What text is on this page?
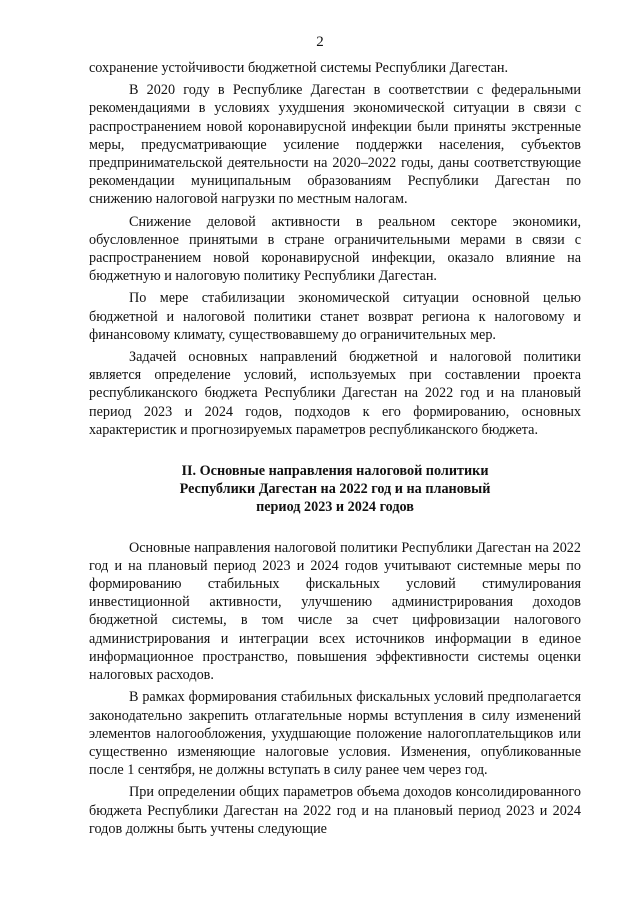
2

сохранение устойчивости бюджетной системы Республики Дагестан.

В 2020 году в Республике Дагестан в соответствии с федеральными рекомендациями в условиях ухудшения экономической ситуации в связи с распространением новой коронавирусной инфекции были приняты экстренные меры, предусматривающие усиление поддержки населения, субъектов предпринимательской деятельности на 2020–2022 годы, даны соответствующие рекомендации муниципальным образованиям Республики Дагестан по снижению налоговой нагрузки по местным налогам.

Снижение деловой активности в реальном секторе экономики, обусловленное принятыми в стране ограничительными мерами в связи с распространением новой коронавирусной инфекции, оказало влияние на бюджетную и налоговую политику Республики Дагестан.

По мере стабилизации экономической ситуации основной целью бюджетной и налоговой политики станет возврат региона к налоговому и финансовому климату, существовавшему до ограничительных мер.

Задачей основных направлений бюджетной и налоговой политики является определение условий, используемых при составлении проекта республиканского бюджета Республики Дагестан на 2022 год и на плановый период 2023 и 2024 годов, подходов к его формированию, основных характеристик и прогнозируемых параметров республиканского бюджета.

II. Основные направления налоговой политики
Республики Дагестан на 2022 год и на плановый
период 2023 и 2024 годов

Основные направления налоговой политики Республики Дагестан на 2022 год и на плановый период 2023 и 2024 годов учитывают системные меры по формированию стабильных фискальных условий стимулирования инвестиционной активности, улучшению администрирования доходов бюджетной системы, в том числе за счет цифровизации налогового администрирования и интеграции всех источников информации в единое информационное пространство, повышения эффективности системы оценки налоговых расходов.

В рамках формирования стабильных фискальных условий предполагается законодательно закрепить отлагательные нормы вступления в силу изменений элементов налогообложения, ухудшающие положение налогоплательщиков или существенно изменяющие налоговые условия. Изменения, опубликованные после 1 сентября, не должны вступать в силу ранее чем через год.

При определении общих параметров объема доходов консолидированного бюджета Республики Дагестан на 2022 год и на плановый период 2023 и 2024 годов должны быть учтены следующие
